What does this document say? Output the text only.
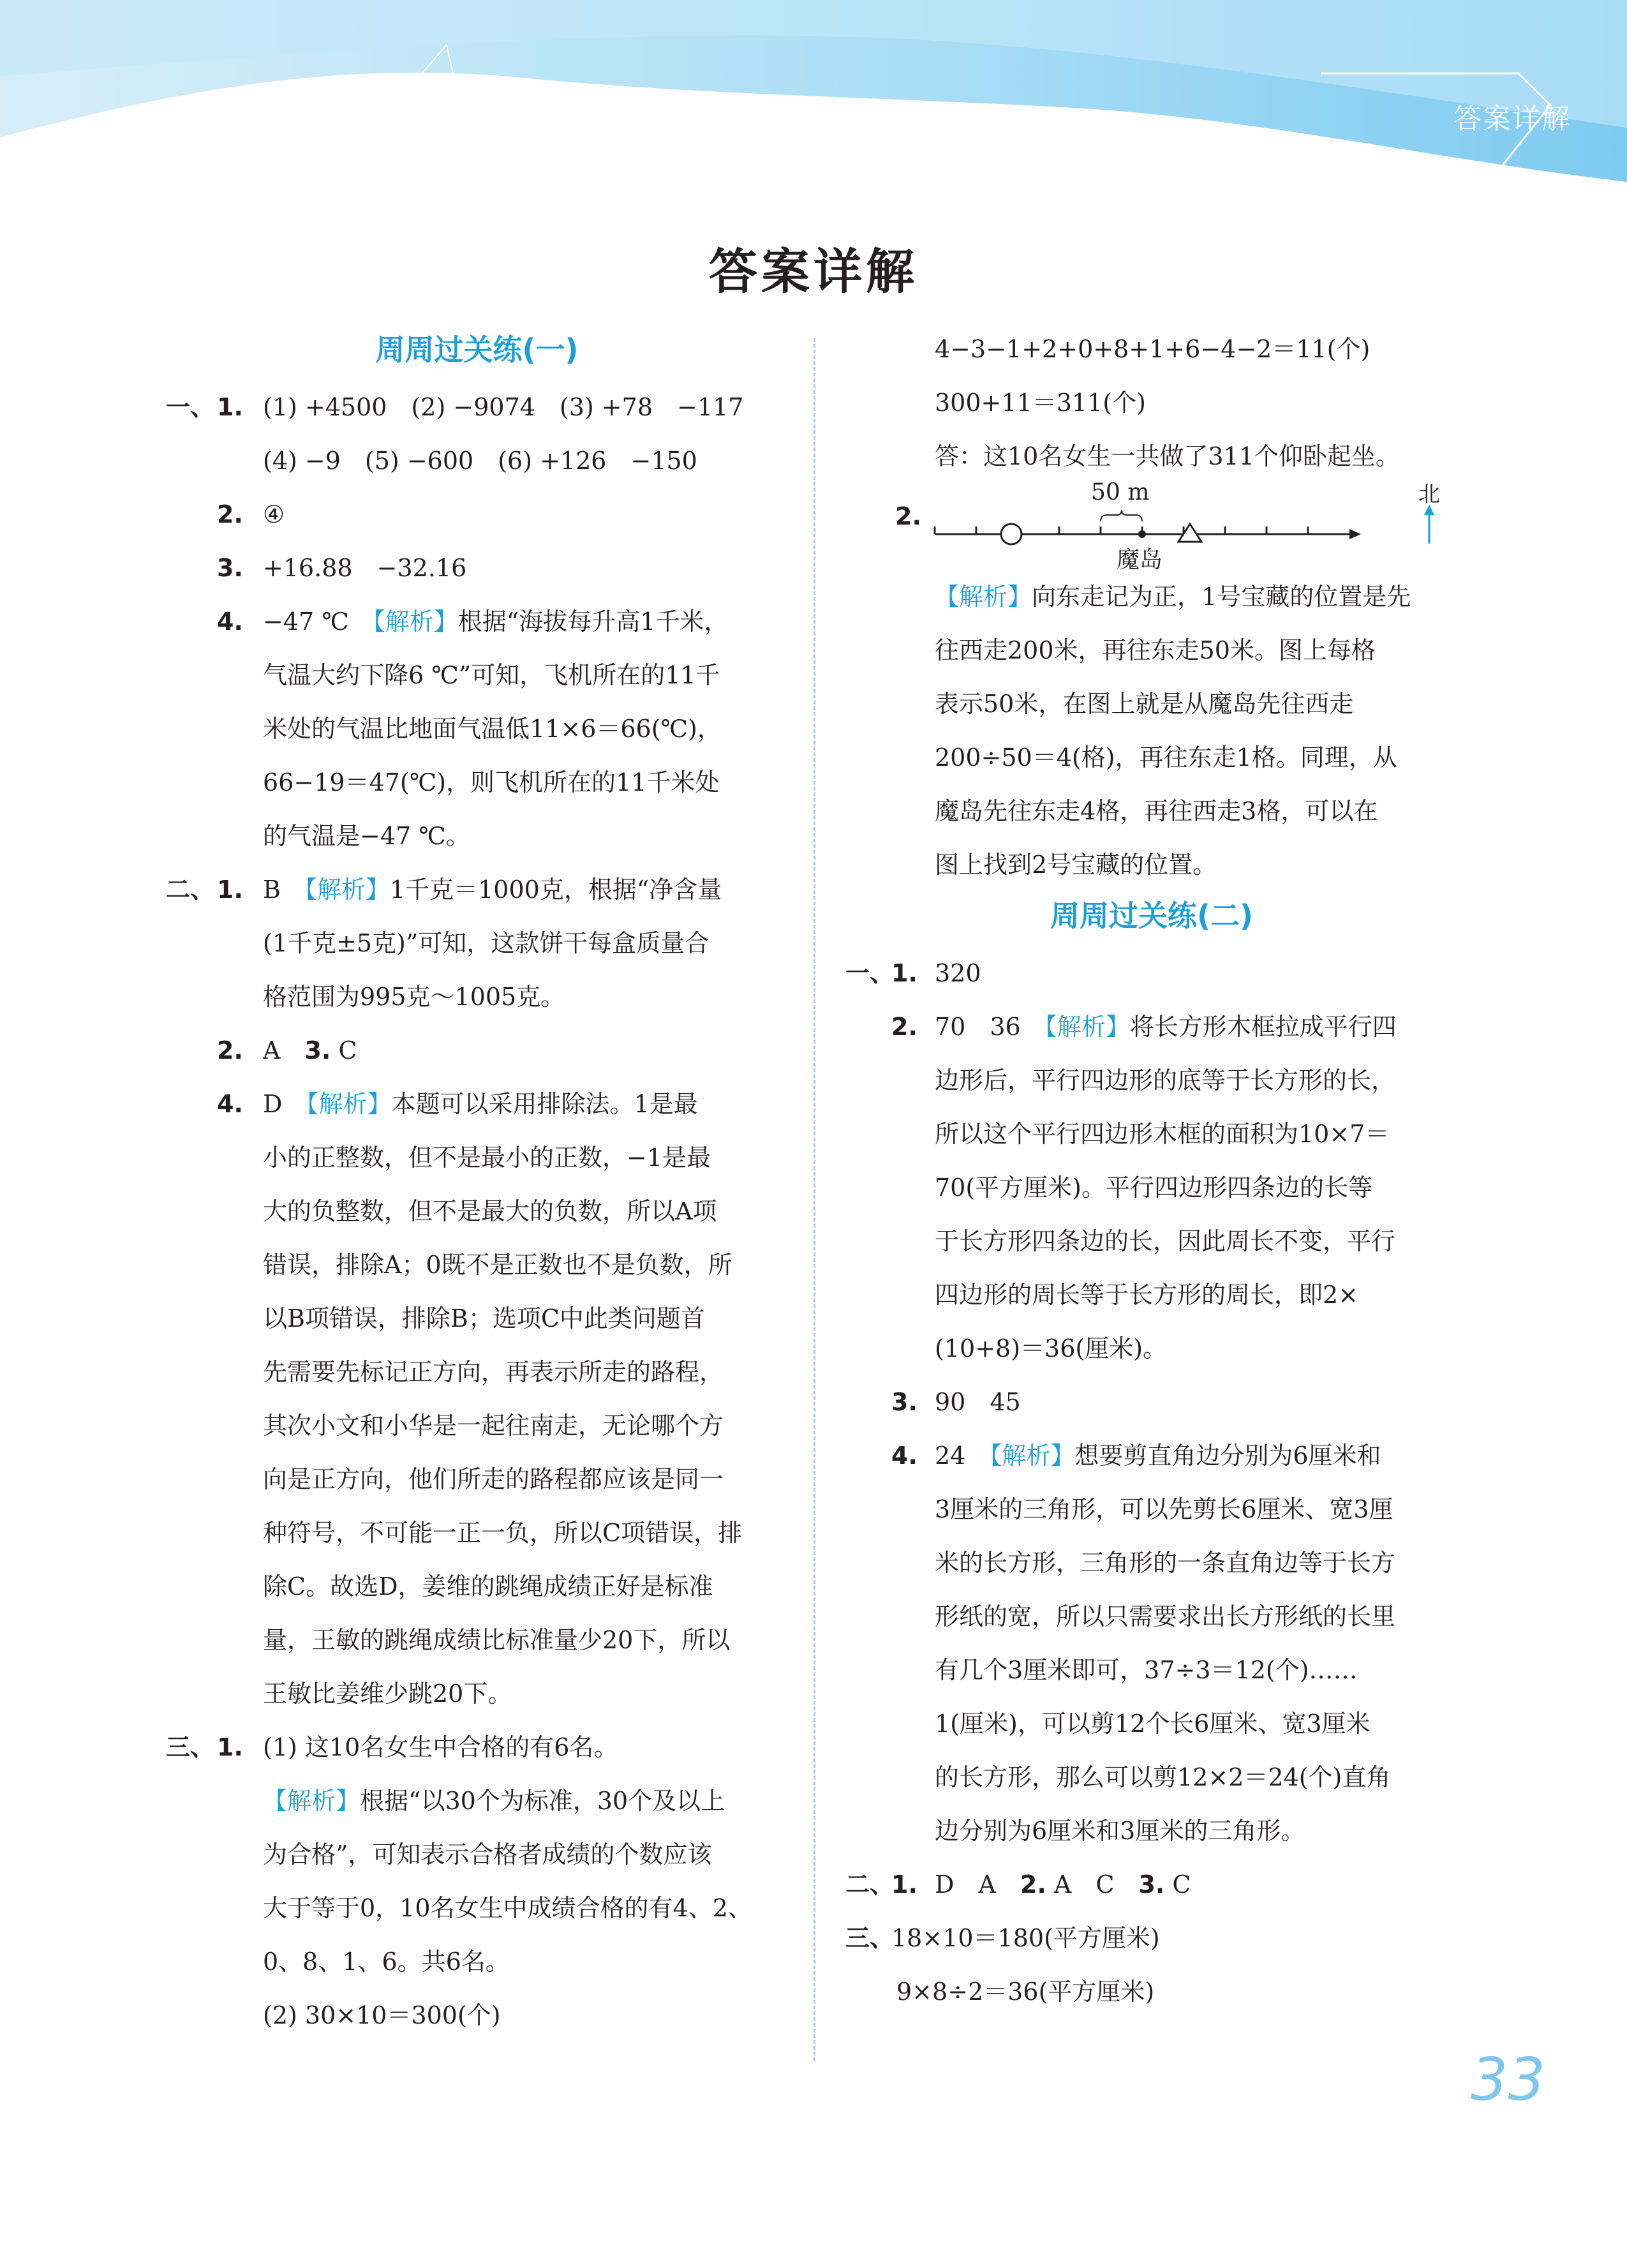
答案详解
答案详解
周周过关练(一)
一、 1. (1) +4500　(2) −9074　(3) +78　−117
(4) −9　(5) −600　(6) +126　−150
2. ④
3. +16.88　−32.16
4. −47 ℃　【解析】根据“海拔每升高1千米，
气温大约下降6 ℃”可知，飞机所在的11千
米处的气温比地面气温低11×6＝66(℃)，
66−19＝47(℃)，则飞机所在的11千米处
的气温是−47 ℃。
二、 1. B　【解析】1千克＝1000克，根据“净含量
(1千克±5克)”可知，这款饼干每盒质量合
格范围为995克～1005克。
2. A　3. C
4. D　【解析】本题可以采用排除法。1是最
小的正整数，但不是最小的正数，−1是最
大的负整数，但不是最大的负数，所以A项
错误，排除A；0既不是正数也不是负数，所
以B项错误，排除B；选项C中此类问题首
先需要先标记正方向，再表示所走的路程，
其次小文和小华是一起往南走，无论哪个方
向是正方向，他们所走的路程都应该是同一
种符号，不可能一正一负，所以C项错误，排
除C。故选D，姜维的跳绳成绩正好是标准
量，王敏的跳绳成绩比标准量少20下，所以
王敏比姜维少跳20下。
三、 1. (1) 这10名女生中合格的有6名。
【解析】根据“以30个为标准，30个及以上
为合格”，可知表示合格者成绩的个数应该
大于等于0，10名女生中成绩合格的有4、2、
0、8、1、6。共6名。
(2) 30×10＝300(个)
4−3−1+2+0+8+1+6−4−2＝11(个)
300+11＝311(个)
答：这10名女生一共做了311个仰卧起坐。
2.
50 m
魔岛
北
【解析】向东走记为正，1号宝藏的位置是先
往西走200米，再往东走50米。图上每格
表示50米，在图上就是从魔岛先往西走
200÷50＝4(格)，再往东走1格。同理，从
魔岛先往东走4格，再往西走3格，可以在
图上找到2号宝藏的位置。
周周过关练(二)
一、
1. 320
2. 70　36　【解析】将长方形木框拉成平行四
边形后，平行四边形的底等于长方形的长，
所以这个平行四边形木框的面积为10×7＝
70(平方厘米)。平行四边形四条边的长等
于长方形四条边的长，因此周长不变，平行
四边形的周长等于长方形的周长，即2×
(10+8)＝36(厘米)。
3. 90　45
4. 24　【解析】想要剪直角边分别为6厘米和
3厘米的三角形，可以先剪长6厘米、宽3厘
米的长方形，三角形的一条直角边等于长方
形纸的宽，所以只需要求出长方形纸的长里
有几个3厘米即可，37÷3＝12(个)……
1(厘米)，可以剪12个长6厘米、宽3厘米
的长方形，那么可以剪12×2＝24(个)直角
边分别为6厘米和3厘米的三角形。
二、
1. D　A　2. A　C　3. C
三、
18×10＝180(平方厘米)
9×8÷2＝36(平方厘米)
33
